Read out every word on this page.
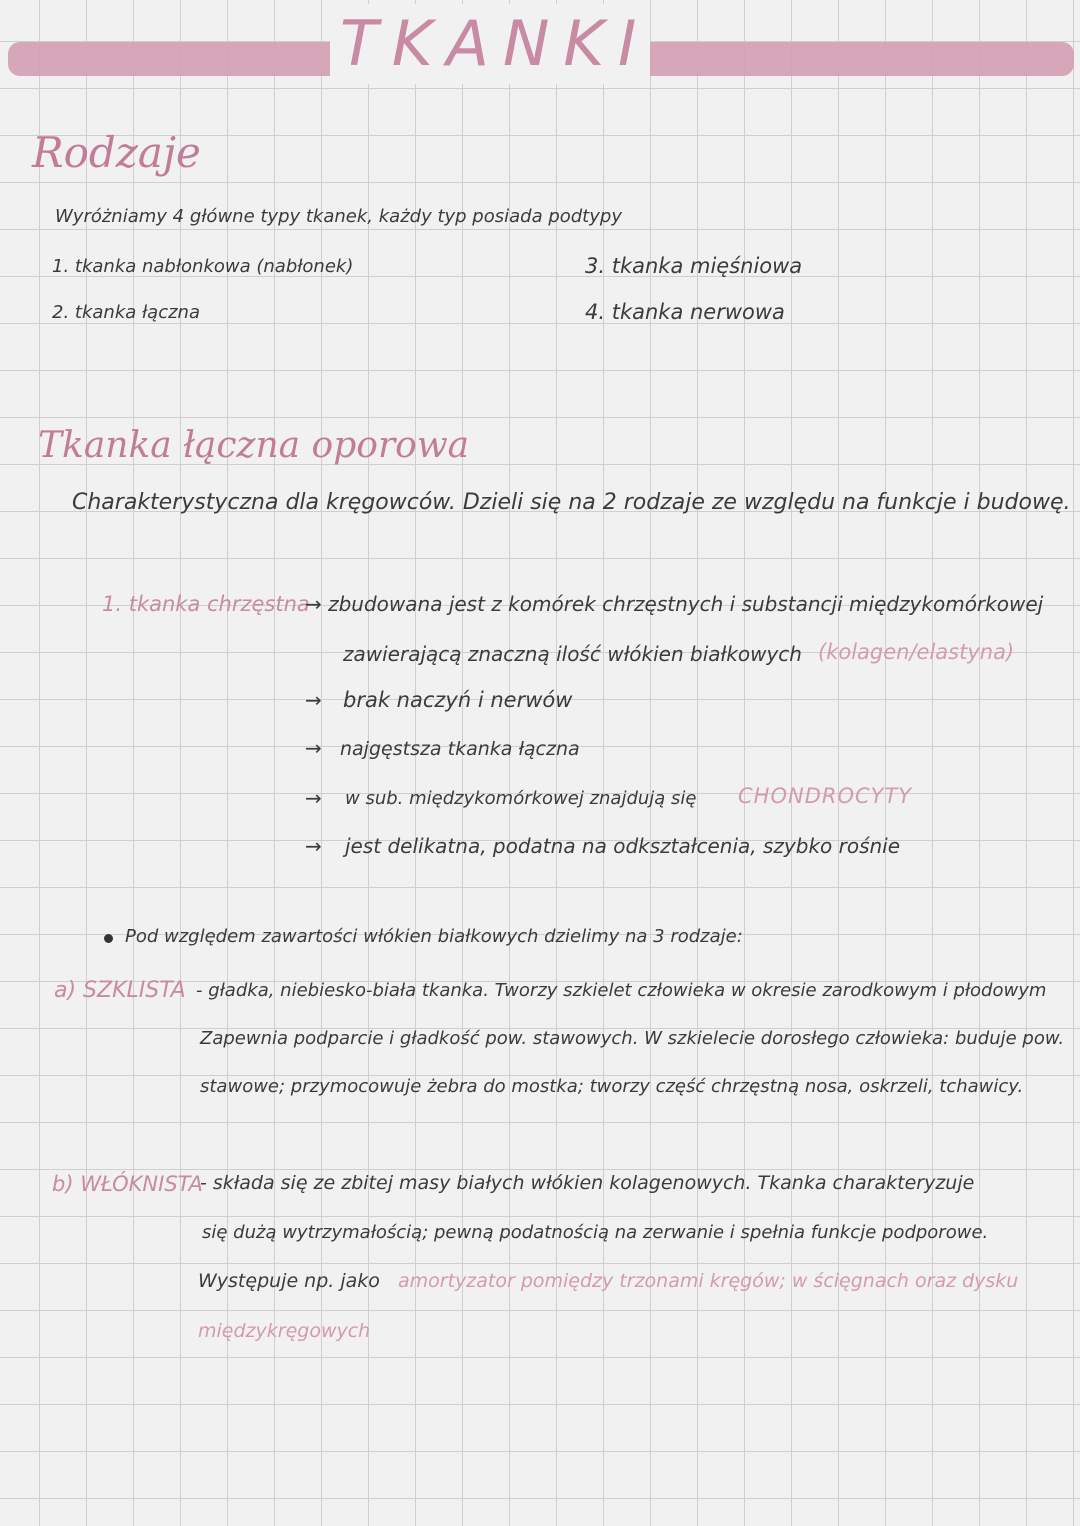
TKANKI
Rodzaje
Wyróżniamy 4 główne typy tkanek, każdy typ posiada podtypy
1. tkanka nabłonkowa (nabłonek)
2. tkanka łączna
3. tkanka mięśniowa
4. tkanka nerwowa
Tkanka łączna oporowa
Charakterystyczna dla kręgowców. Dzieli się na 2 rodzaje ze względu na funkcje i budowę.
1. tkanka chrzęstna
→ zbudowana jest z komórek chrzęstnych i substancji międzykomórkowej
zawierającą znaczną ilość włókien białkowych (kolagen/elastyna)
→ brak naczyń i nerwów
→ najgęstsza tkanka łączna
→ w sub. międzykomórkowej znajdują się CHONDROCYTY
→ jest delikatna, podatna na odkształcenia, szybko rośnie
Pod względem zawartości włókien białkowych dzielimy na 3 rodzaje:
a) SZKLISTA - gładka, niebiesko-biała tkanka. Tworzy szkielet człowieka w okresie zarodkowym i płodowym
Zapewnia podparcie i gładkość pow. stawowych. W szkielecie dorosłego człowieka: buduje pow.
stawowe; przymocowuje żebra do mostka; tworzy część chrzęstną nosa, oskrzeli, tchawicy.
b) WŁÓKNISTA
- składa się ze zbitej masy białych włókien kolagenowych. Tkanka charakteryzuje
się dużą wytrzymałością; pewną podatnością na zerwanie i spełnia funkcje podporowe.
Występuje np. jako amortyzator pomiędzy trzonami kręgów; w ścięgnach oraz dysku
międzykręgowych
